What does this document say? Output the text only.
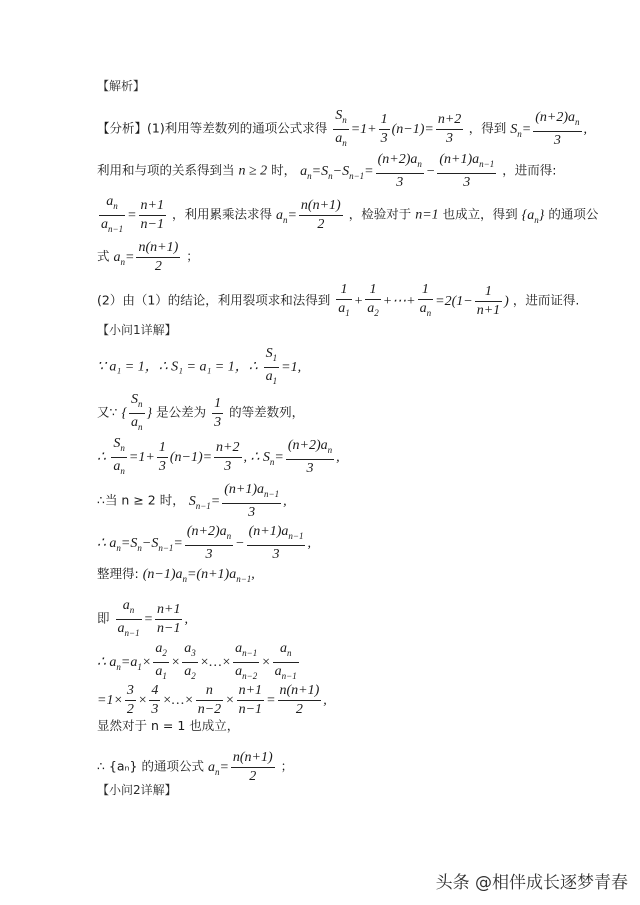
【解析】
【分析】(1)利用等差数列的通项公式求得 $\frac{S_n}{a_n} =1+ \frac{1}{3} (n-1)= \frac{n+2}{3}$ ，得到 $S_n= \frac{(n+2)a_n}{3}$ ,
利用和与项的关系得到当 n ≥ 2 时， $a_n=S_n-S_{n-1}= \frac{(n+2)a_n}{3} - \frac{(n+1)a_{n-1}}{3}$ ，进而得:
$\frac{a_n}{a_{n-1}} = \frac{n+1}{n-1}$ ，利用累乘法求得 $a_n= \frac{n(n+1)}{2}$ ，检验对于 n=1 也成立，得到 $\{a_n\}$ 的通项公
式 $a_n= \frac{n(n+1)}{2}$ ；
(2）由（1）的结论，利用裂项求和法得到 $\frac{1}{a_1} + \frac{1}{a_2}$ +⋯+ $\frac{1}{a_n} =2(1- \frac{1}{n+1}$ ) ，进而证得.
【小问1详解】
∵ a₁ = 1，∴ S₁ = a₁ = 1，∴ $\frac{S_1}{a_1} =1$,
又∵ { $\frac{S_n}{a_n}$ } 是公差为 $\frac{1}{3}$ 的等差数列，
∴ $\frac{S_n}{a_n} =1+ \frac{1}{3} (n-1)= \frac{n+2}{3}$ , ∴ $S_n= \frac{(n+2)a_n}{3}$ ,
∴当 n ≥ 2 时， $S_{n-1}= \frac{(n+1)a_{n-1}}{3}$ ,
∴ $a_n=S_n-S_{n-1}= \frac{(n+2)a_n}{3} - \frac{(n+1)a_{n-1}}{3}$ ,
整理得: $(n-1)a_n=(n+1)a_{n-1}$,
即 $\frac{a_n}{a_{n-1}} = \frac{n+1}{n-1}$ ,
∴ $a_n=a_1\times \frac{a_2}{a_1} \times \frac{a_3}{a_2}$ ×…× $\frac{a_{n-1}}{a_{n-2}} \times \frac{a_n}{a_{n-1}}$
$=1\times \frac{3}{2} \times \frac{4}{3}$ ×…× $\frac{n}{n-2} \times \frac{n+1}{n-1} = \frac{n(n+1)}{2}$ ,
显然对于 n = 1 也成立，
∴ {aₙ} 的通项公式 $a_n= \frac{n(n+1)}{2}$ ；
【小问2详解】
头条 @相伴成长逐梦青春
